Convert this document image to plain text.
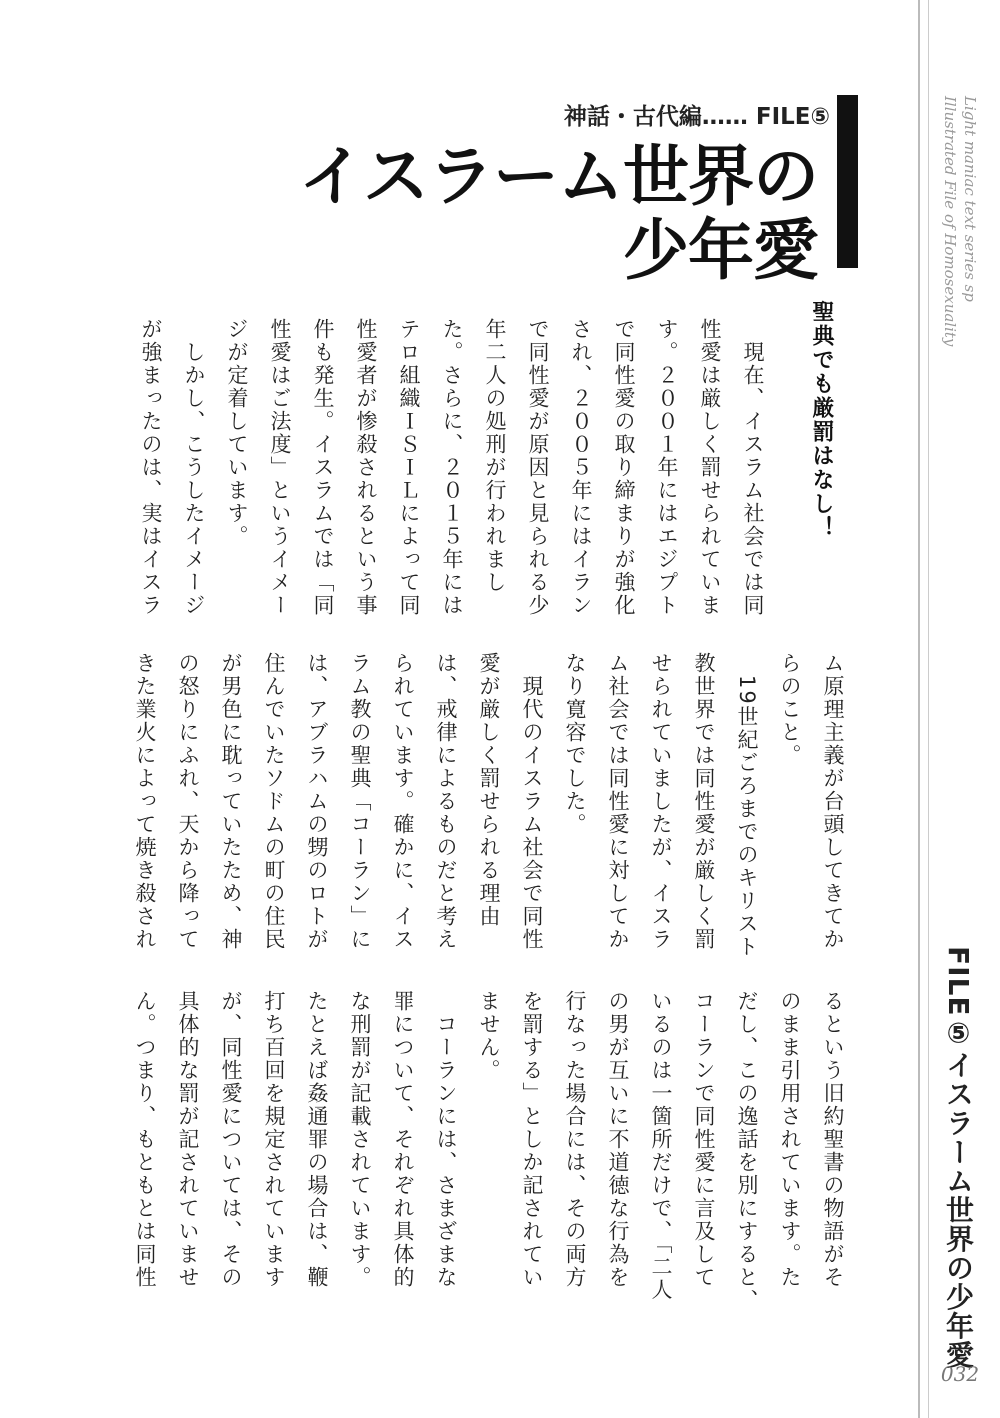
Light maniac text series sp
Illustrated File of Homosexuality
FILE⑤イスラーム世界の少年愛
032
神話・古代編…… FILE⑤
イスラーム世界の
少年愛
聖典でも厳罰はなし！
　現在、イスラム社会では同
性愛は厳しく罰せられていま
す。２００１年にはエジプト
で同性愛の取り締まりが強化
され、２００５年にはイラン
で同性愛が原因と見られる少
年二人の処刑が行われまし
た。さらに、２０１５年には
テロ組織ＩＳＩＬによって同
性愛者が惨殺されるという事
件も発生。イスラムでは「同
性愛はご法度」というイメー
ジが定着しています。
　しかし、こうしたイメージ
が強まったのは、実はイスラ
ム原理主義が台頭してきてか
らのこと。
　19世紀ごろまでのキリスト
教世界では同性愛が厳しく罰
せられていましたが、イスラ
ム社会では同性愛に対してか
なり寛容でした。
　現代のイスラム社会で同性
愛が厳しく罰せられる理由
は、戒律によるものだと考え
られています。確かに、イス
ラム教の聖典「コーラン」に
は、アブラハムの甥のロトが
住んでいたソドムの町の住民
が男色に耽っていたため、神
の怒りにふれ、天から降って
きた業火によって焼き殺され
るという旧約聖書の物語がそ
のまま引用されています。た
だし、この逸話を別にすると、
コーランで同性愛に言及して
いるのは一箇所だけで、「二人
の男が互いに不道徳な行為を
行なった場合には、その両方
を罰する」としか記されてい
ません。
　コーランには、さまざまな
罪について、それぞれ具体的
な刑罰が記載されています。
たとえば姦通罪の場合は、鞭
打ち百回を規定されています
が、同性愛については、その
具体的な罰が記されていませ
ん。つまり、もともとは同性
